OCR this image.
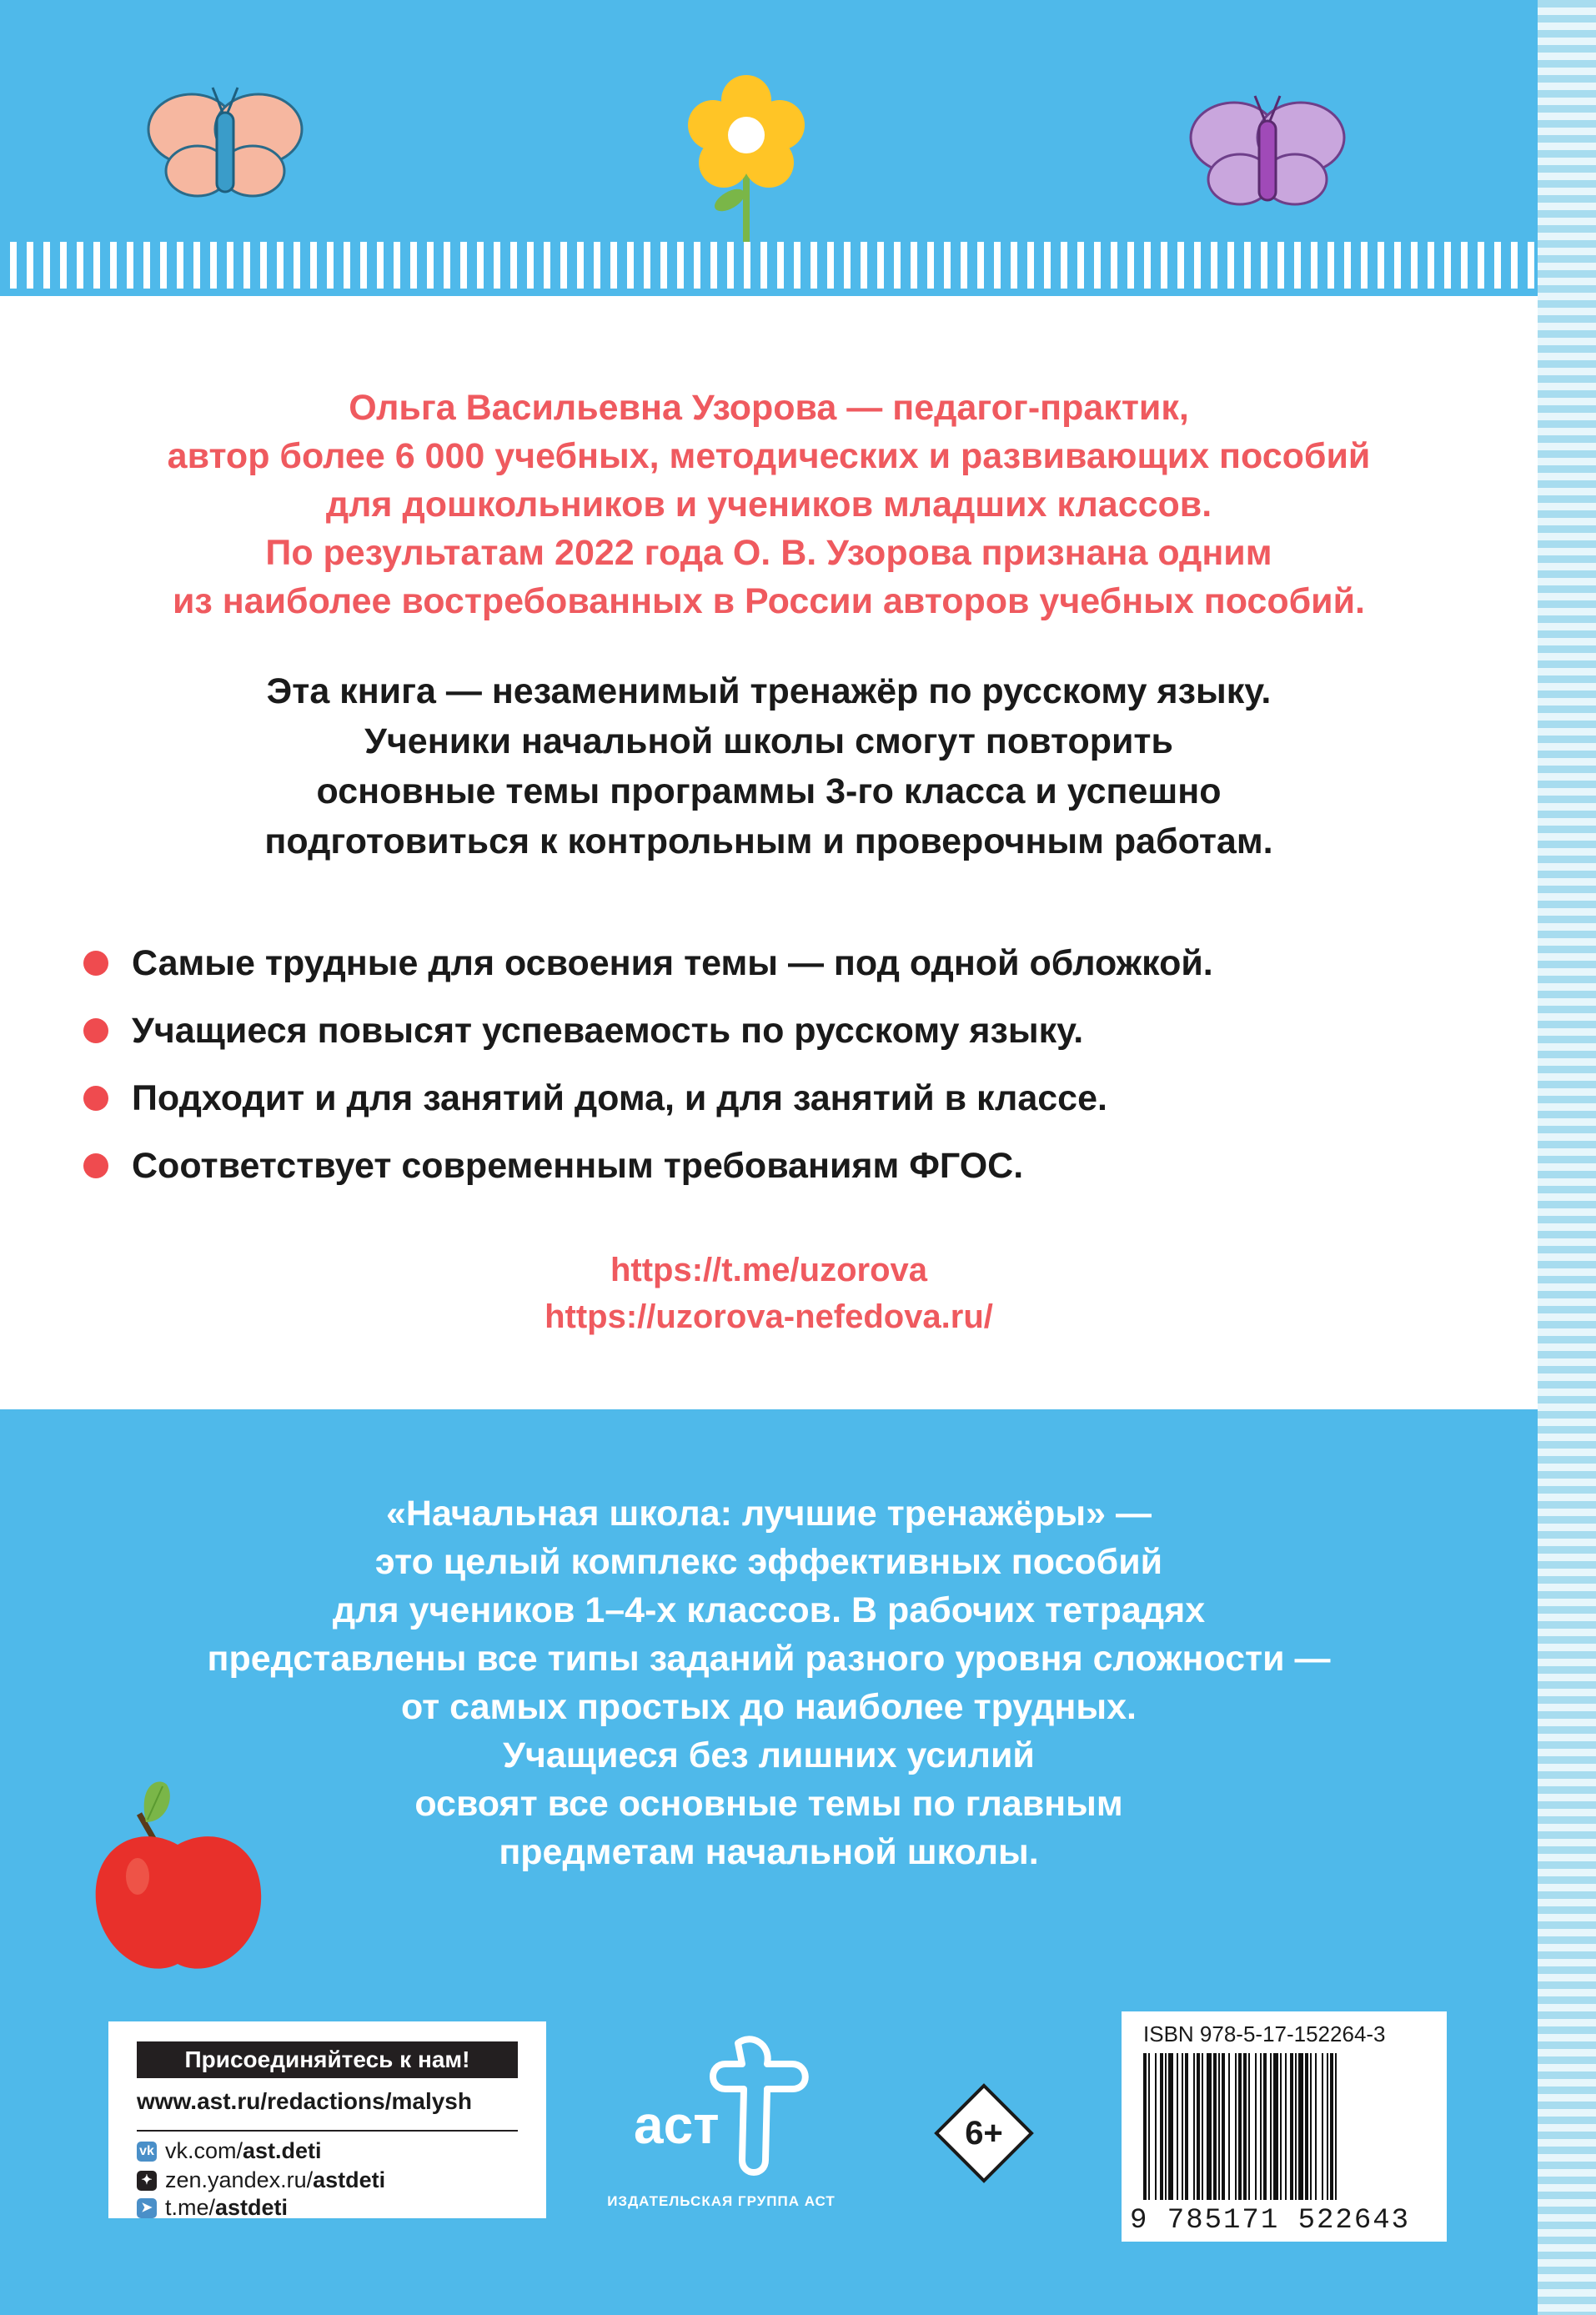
Ольга Васильевна Узорова — педагог-практик,
автор более 6 000 учебных, методических и развивающих пособий
для дошкольников и учеников младших классов.
По результатам 2022 года О. В. Узорова признана одним
из наиболее востребованных в России авторов учебных пособий.
Эта книга — незаменимый тренажёр по русскому языку.
Ученики начальной школы смогут повторить
основные темы программы 3-го класса и успешно
подготовиться к контрольным и проверочным работам.
Самые трудные для освоения темы — под одной обложкой.
Учащиеся повысят успеваемость по русскому языку.
Подходит и для занятий дома, и для занятий в классе.
Соответствует современным требованиям ФГОС.
https://t.me/uzorova
https://uzorova-nefedova.ru/
«Начальная школа: лучшие тренажёры» —
это целый комплекс эффективных пособий
для учеников 1–4-х классов. В рабочих тетрадях
представлены все типы заданий разного уровня сложности —
от самых простых до наиболее трудных.
Учащиеся без лишних усилий
освоят все основные темы по главным
предметам начальной школы.
Присоединяйтесь к нам!
www.ast.ru/redactions/malysh
vk vk.com/ ast.deti
✦ zen.yandex.ru/ astdeti
➤ t.me/ astdeti
аст
ИЗДАТЕЛЬСКАЯ ГРУППА АСТ
6+
ISBN 978-5-17-152264-3
9 785171 522643
